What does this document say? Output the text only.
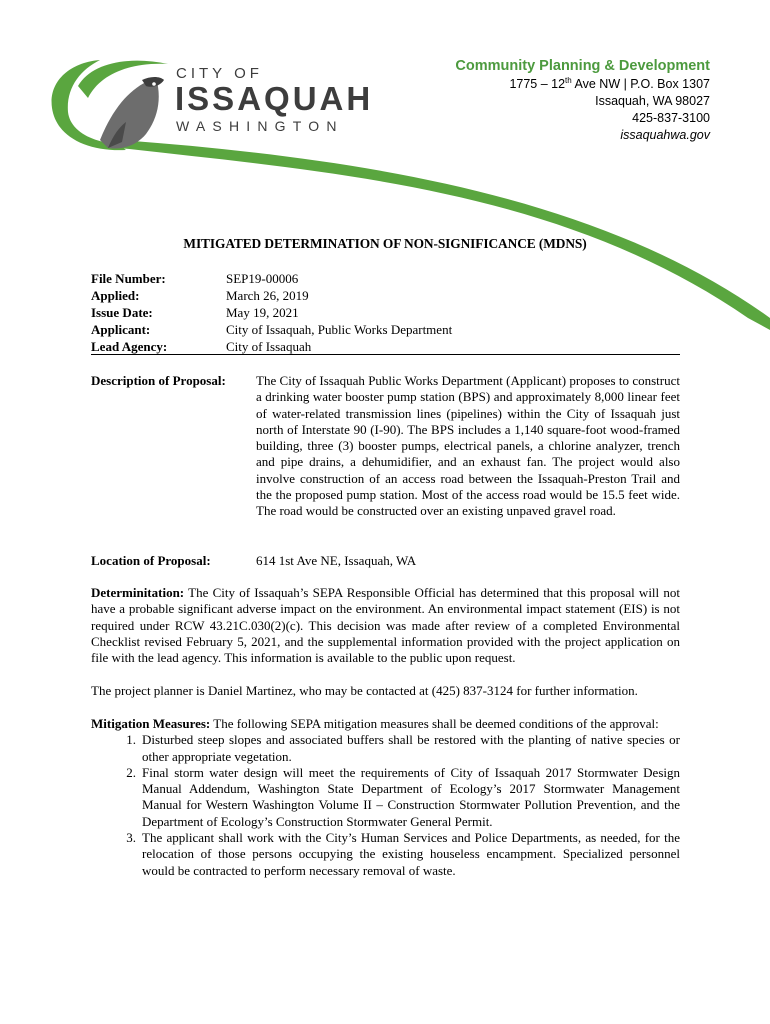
CITY OF
ISSAQUAH
WASHINGTON
Community Planning & Development
1775 – 12th Ave NW | P.O. Box 1307
Issaquah, WA 98027
425-837-3100
issaquahwa.gov
MITIGATED DETERMINATION OF NON-SIGNIFICANCE (MDNS)
File Number:	SEP19-00006
Applied:	March 26, 2019
Issue Date:	May 19, 2021
Applicant:	City of Issaquah, Public Works Department
Lead Agency:	City of Issaquah
Description of Proposal: The City of Issaquah Public Works Department (Applicant) proposes to construct a drinking water booster pump station (BPS) and approximately 8,000 linear feet of water-related transmission lines (pipelines) within the City of Issaquah just north of Interstate 90 (I-90). The BPS includes a 1,140 square-foot wood-framed building, three (3) booster pumps, electrical panels, a chlorine analyzer, trench and pipe drains, a dehumidifier, and an exhaust fan. The project would also involve construction of an access road between the Issaquah-Preston Trail and the the proposed pump station. Most of the access road would be 15.5 feet wide. The road would be constructed over an existing unpaved gravel road.
Location of Proposal:	614 1st Ave NE, Issaquah, WA
Determinitation: The City of Issaquah’s SEPA Responsible Official has determined that this proposal will not have a probable significant adverse impact on the environment. An environmental impact statement (EIS) is not required under RCW 43.21C.030(2)(c). This decision was made after review of a completed Environmental Checklist revised February 5, 2021, and the supplemental information provided with the project application on file with the lead agency. This information is available to the public upon request.
The project planner is Daniel Martinez, who may be contacted at (425) 837-3124 for further information.
Mitigation Measures: The following SEPA mitigation measures shall be deemed conditions of the approval:
1. Disturbed steep slopes and associated buffers shall be restored with the planting of native species or other appropriate vegetation.
2. Final storm water design will meet the requirements of City of Issaquah 2017 Stormwater Design Manual Addendum, Washington State Department of Ecology’s 2017 Stormwater Management Manual for Western Washington Volume II – Construction Stormwater Pollution Prevention, and the Department of Ecology’s Construction Stormwater General Permit.
3. The applicant shall work with the City’s Human Services and Police Departments, as needed, for the relocation of those persons occupying the existing houseless encampment. Specialized personnel would be contracted to perform necessary removal of waste.
